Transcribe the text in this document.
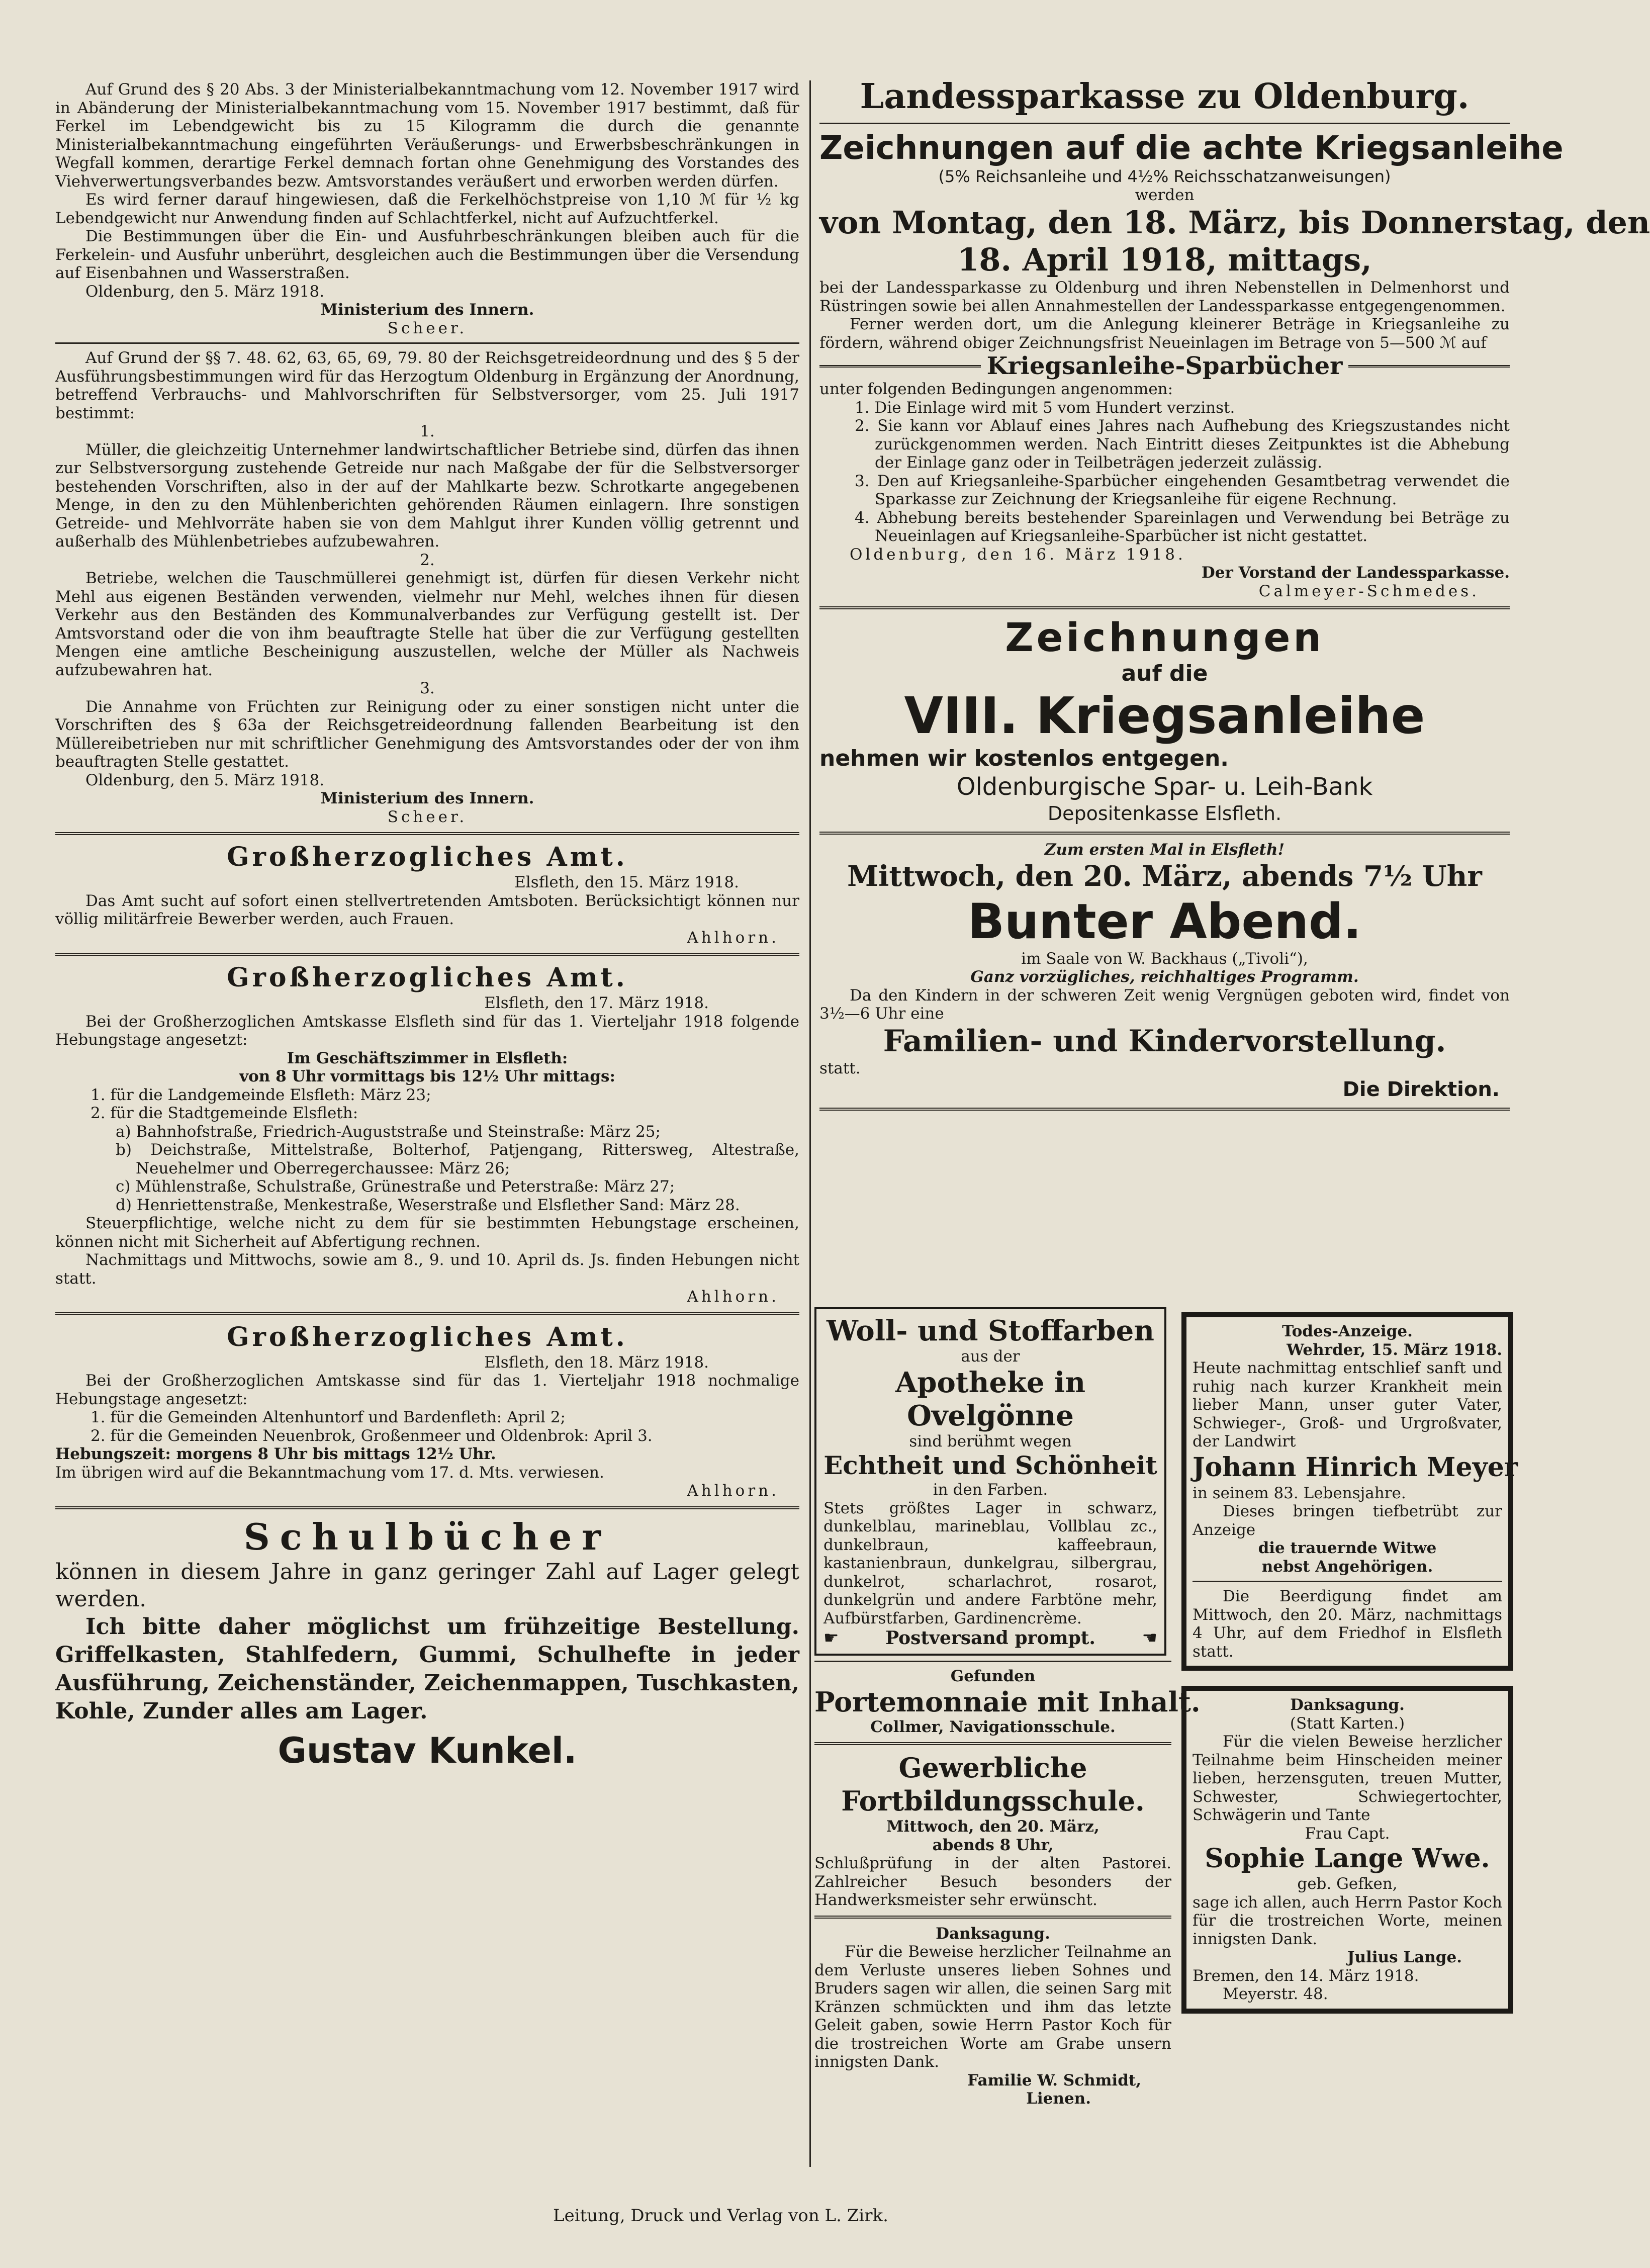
Auf Grund des § 20 Abs. 3 der Ministerialbekanntmachung vom 12. November 1917 wird in Abänderung der Ministerialbekanntmachung vom 15. November 1917 bestimmt, daß für Ferkel im Lebendgewicht bis zu 15 Kilogramm die durch die genannte Ministerialbekanntmachung eingeführten Veräußerungs- und Erwerbsbeschränkungen in Wegfall kommen, derartige Ferkel demnach fortan ohne Genehmigung des Vorstandes des Viehverwertungsverbandes bezw. Amtsvorstandes veräußert und erworben werden dürfen.

Es wird ferner darauf hingewiesen, daß die Ferkelhöchstpreise von 1,10 ℳ für ½ kg Lebendgewicht nur Anwendung finden auf Schlachtferkel, nicht auf Aufzuchtferkel.

Die Bestimmungen über die Ein- und Ausfuhrbeschränkungen bleiben auch für die Ferkelein- und Ausfuhr unberührt, desgleichen auch die Bestimmungen über die Versendung auf Eisenbahnen und Wasserstraßen.

Oldenburg, den 5. März 1918.

Ministerium des Innern.

Scheer.

Auf Grund der §§ 7. 48. 62, 63, 65, 69, 79. 80 der Reichsgetreideordnung und des § 5 der Ausführungsbestimmungen wird für das Herzogtum Oldenburg in Ergänzung der Anordnung, betreffend Verbrauchs- und Mahlvorschriften für Selbstversorger, vom 25. Juli 1917 bestimmt:

1.

Müller, die gleichzeitig Unternehmer landwirtschaftlicher Betriebe sind, dürfen das ihnen zur Selbstversorgung zustehende Getreide nur nach Maßgabe der für die Selbstversorger bestehenden Vorschriften, also in der auf der Mahlkarte bezw. Schrotkarte angegebenen Menge, in den zu den Mühlenberichten gehörenden Räumen einlagern. Ihre sonstigen Getreide- und Mehlvorräte haben sie von dem Mahlgut ihrer Kunden völlig getrennt und außerhalb des Mühlenbetriebes aufzubewahren.

2.

Betriebe, welchen die Tauschmüllerei genehmigt ist, dürfen für diesen Verkehr nicht Mehl aus eigenen Beständen verwenden, vielmehr nur Mehl, welches ihnen für diesen Verkehr aus den Beständen des Kommunalverbandes zur Verfügung gestellt ist. Der Amtsvorstand oder die von ihm beauftragte Stelle hat über die zur Verfügung gestellten Mengen eine amtliche Bescheinigung auszustellen, welche der Müller als Nachweis aufzubewahren hat.

3.

Die Annahme von Früchten zur Reinigung oder zu einer sonstigen nicht unter die Vorschriften des § 63a der Reichsgetreideordnung fallenden Bearbeitung ist den Müllereibetrieben nur mit schriftlicher Genehmigung des Amtsvorstandes oder der von ihm beauftragten Stelle gestattet.

Oldenburg, den 5. März 1918.

Ministerium des Innern.

Scheer.

Großherzogliches Amt.

Elsfleth, den 15. März 1918.

Das Amt sucht auf sofort einen stellvertretenden Amtsboten. Berücksichtigt können nur völlig militärfreie Bewerber werden, auch Frauen.

Ahlhorn.

Großherzogliches Amt.

Elsfleth, den 17. März 1918.

Bei der Großherzoglichen Amtskasse Elsfleth sind für das 1. Vierteljahr 1918 folgende Hebungstage angesetzt:

Im Geschäftszimmer in Elsfleth:

von 8 Uhr vormittags bis 12½ Uhr mittags:

1. für die Landgemeinde Elsfleth: März 23;

2. für die Stadtgemeinde Elsfleth:

a) Bahnhofstraße, Friedrich-Auguststraße und Steinstraße: März 25;

b) Deichstraße, Mittelstraße, Bolterhof, Patjengang, Rittersweg, Altestraße, Neuehelmer und Oberregerchaussee: März 26;

c) Mühlenstraße, Schulstraße, Grünestraße und Peterstraße: März 27;

d) Henriettenstraße, Menkestraße, Weserstraße und Elsflether Sand: März 28.

Steuerpflichtige, welche nicht zu dem für sie bestimmten Hebungstage erscheinen, können nicht mit Sicherheit auf Abfertigung rechnen.

Nachmittags und Mittwochs, sowie am 8., 9. und 10. April ds. Js. finden Hebungen nicht statt.

Ahlhorn.

Großherzogliches Amt.

Elsfleth, den 18. März 1918.

Bei der Großherzoglichen Amtskasse sind für das 1. Vierteljahr 1918 nochmalige Hebungstage angesetzt:

1. für die Gemeinden Altenhuntorf und Bardenfleth: April 2;

2. für die Gemeinden Neuenbrok, Großenmeer und Oldenbrok: April 3.

Hebungszeit: morgens 8 Uhr bis mittags 12½ Uhr.

Im übrigen wird auf die Bekanntmachung vom 17. d. Mts. verwiesen.

Ahlhorn.

Schulbücher

können in diesem Jahre in ganz geringer Zahl auf Lager gelegt werden.

Ich bitte daher möglichst um frühzeitige Bestellung. Griffelkasten, Stahlfedern, Gummi, Schulhefte in jeder Ausführung, Zeichenständer, Zeichenmappen, Tuschkasten, Kohle, Zunder alles am Lager.

Gustav Kunkel.

Landessparkasse zu Oldenburg.

Zeichnungen auf die achte Kriegsanleihe

(5% Reichsanleihe und 4½% Reichsschatzanweisungen)

werden

von Montag, den 18. März, bis Donnerstag, den

18. April 1918, mittags,

bei der Landessparkasse zu Oldenburg und ihren Nebenstellen in Delmenhorst und Rüstringen sowie bei allen Annahmestellen der Landessparkasse entgegengenommen.

Ferner werden dort, um die Anlegung kleinerer Beträge in Kriegsanleihe zu fördern, während obiger Zeichnungsfrist Neueinlagen im Betrage von 5—500 ℳ auf

Kriegsanleihe-Sparbücher

unter folgenden Bedingungen angenommen:

1. Die Einlage wird mit 5 vom Hundert verzinst.

2. Sie kann vor Ablauf eines Jahres nach Aufhebung des Kriegszustandes nicht zurückgenommen werden. Nach Eintritt dieses Zeitpunktes ist die Abhebung der Einlage ganz oder in Teilbeträgen jederzeit zulässig.

3. Den auf Kriegsanleihe-Sparbücher eingehenden Gesamtbetrag verwendet die Sparkasse zur Zeichnung der Kriegsanleihe für eigene Rechnung.

4. Abhebung bereits bestehender Spareinlagen und Verwendung bei Beträge zu Neueinlagen auf Kriegsanleihe-Sparbücher ist nicht gestattet.

Oldenburg, den 16. März 1918.

Der Vorstand der Landessparkasse.

Calmeyer-Schmedes.

Zeichnungen

auf die

VIII. Kriegsanleihe

nehmen wir kostenlos entgegen.

Oldenburgische Spar- u. Leih-Bank

Depositenkasse Elsfleth.

Zum ersten Mal in Elsfleth!

Mittwoch, den 20. März, abends 7½ Uhr

Bunter Abend.

im Saale von W. Backhaus („Tivoli“),

Ganz vorzügliches, reichhaltiges Programm.

Da den Kindern in der schweren Zeit wenig Vergnügen geboten wird, findet von 3½—6 Uhr eine

Familien- und Kindervorstellung.

statt.

Die Direktion.

Woll- und Stoffarben

aus der

Apotheke in Ovelgönne

sind berühmt wegen

Echtheit und Schönheit

in den Farben.

Stets größtes Lager in schwarz, dunkelblau, marineblau, Vollblau zc., dunkelbraun, kaffeebraun, kastanienbraun, dunkelgrau, silbergrau, dunkelrot, scharlachrot, rosarot, dunkelgrün und andere Farbtöne mehr, Aufbürstfarben, Gardinencrème.

☛	Postversand prompt.	☚

Gefunden

Portemonnaie mit Inhalt.

Collmer, Navigationsschule.

Gewerbliche Fortbildungsschule.

Mittwoch, den 20. März,

abends 8 Uhr,

Schlußprüfung in der alten Pastorei. Zahlreicher Besuch besonders der Handwerksmeister sehr erwünscht.

Danksagung.

Für die Beweise herzlicher Teilnahme an dem Verluste unseres lieben Sohnes und Bruders sagen wir allen, die seinen Sarg mit Kränzen schmückten und ihm das letzte Geleit gaben, sowie Herrn Pastor Koch für die trostreichen Worte am Grabe unsern innigsten Dank.

Familie W. Schmidt,

Lienen.

Todes-Anzeige.

Wehrder, 15. März 1918.

Heute nachmittag entschlief sanft und ruhig nach kurzer Krankheit mein lieber Mann, unser guter Vater, Schwieger-, Groß- und Urgroßvater, der Landwirt

Johann Hinrich Meyer

in seinem 83. Lebensjahre.

Dieses bringen tiefbetrübt zur Anzeige

die trauernde Witwe

nebst Angehörigen.

Die Beerdigung findet am Mittwoch, den 20. März, nachmittags 4 Uhr, auf dem Friedhof in Elsfleth statt.

Danksagung.

(Statt Karten.)

Für die vielen Beweise herzlicher Teilnahme beim Hinscheiden meiner lieben, herzensguten, treuen Mutter, Schwester, Schwiegertochter, Schwägerin und Tante

Frau Capt.

Sophie Lange Wwe.

geb. Gefken,

sage ich allen, auch Herrn Pastor Koch für die trostreichen Worte, meinen innigsten Dank.

Julius Lange.

Bremen, den 14. März 1918.

Meyerstr. 48.

Leitung, Druck und Verlag von L. Zirk.
